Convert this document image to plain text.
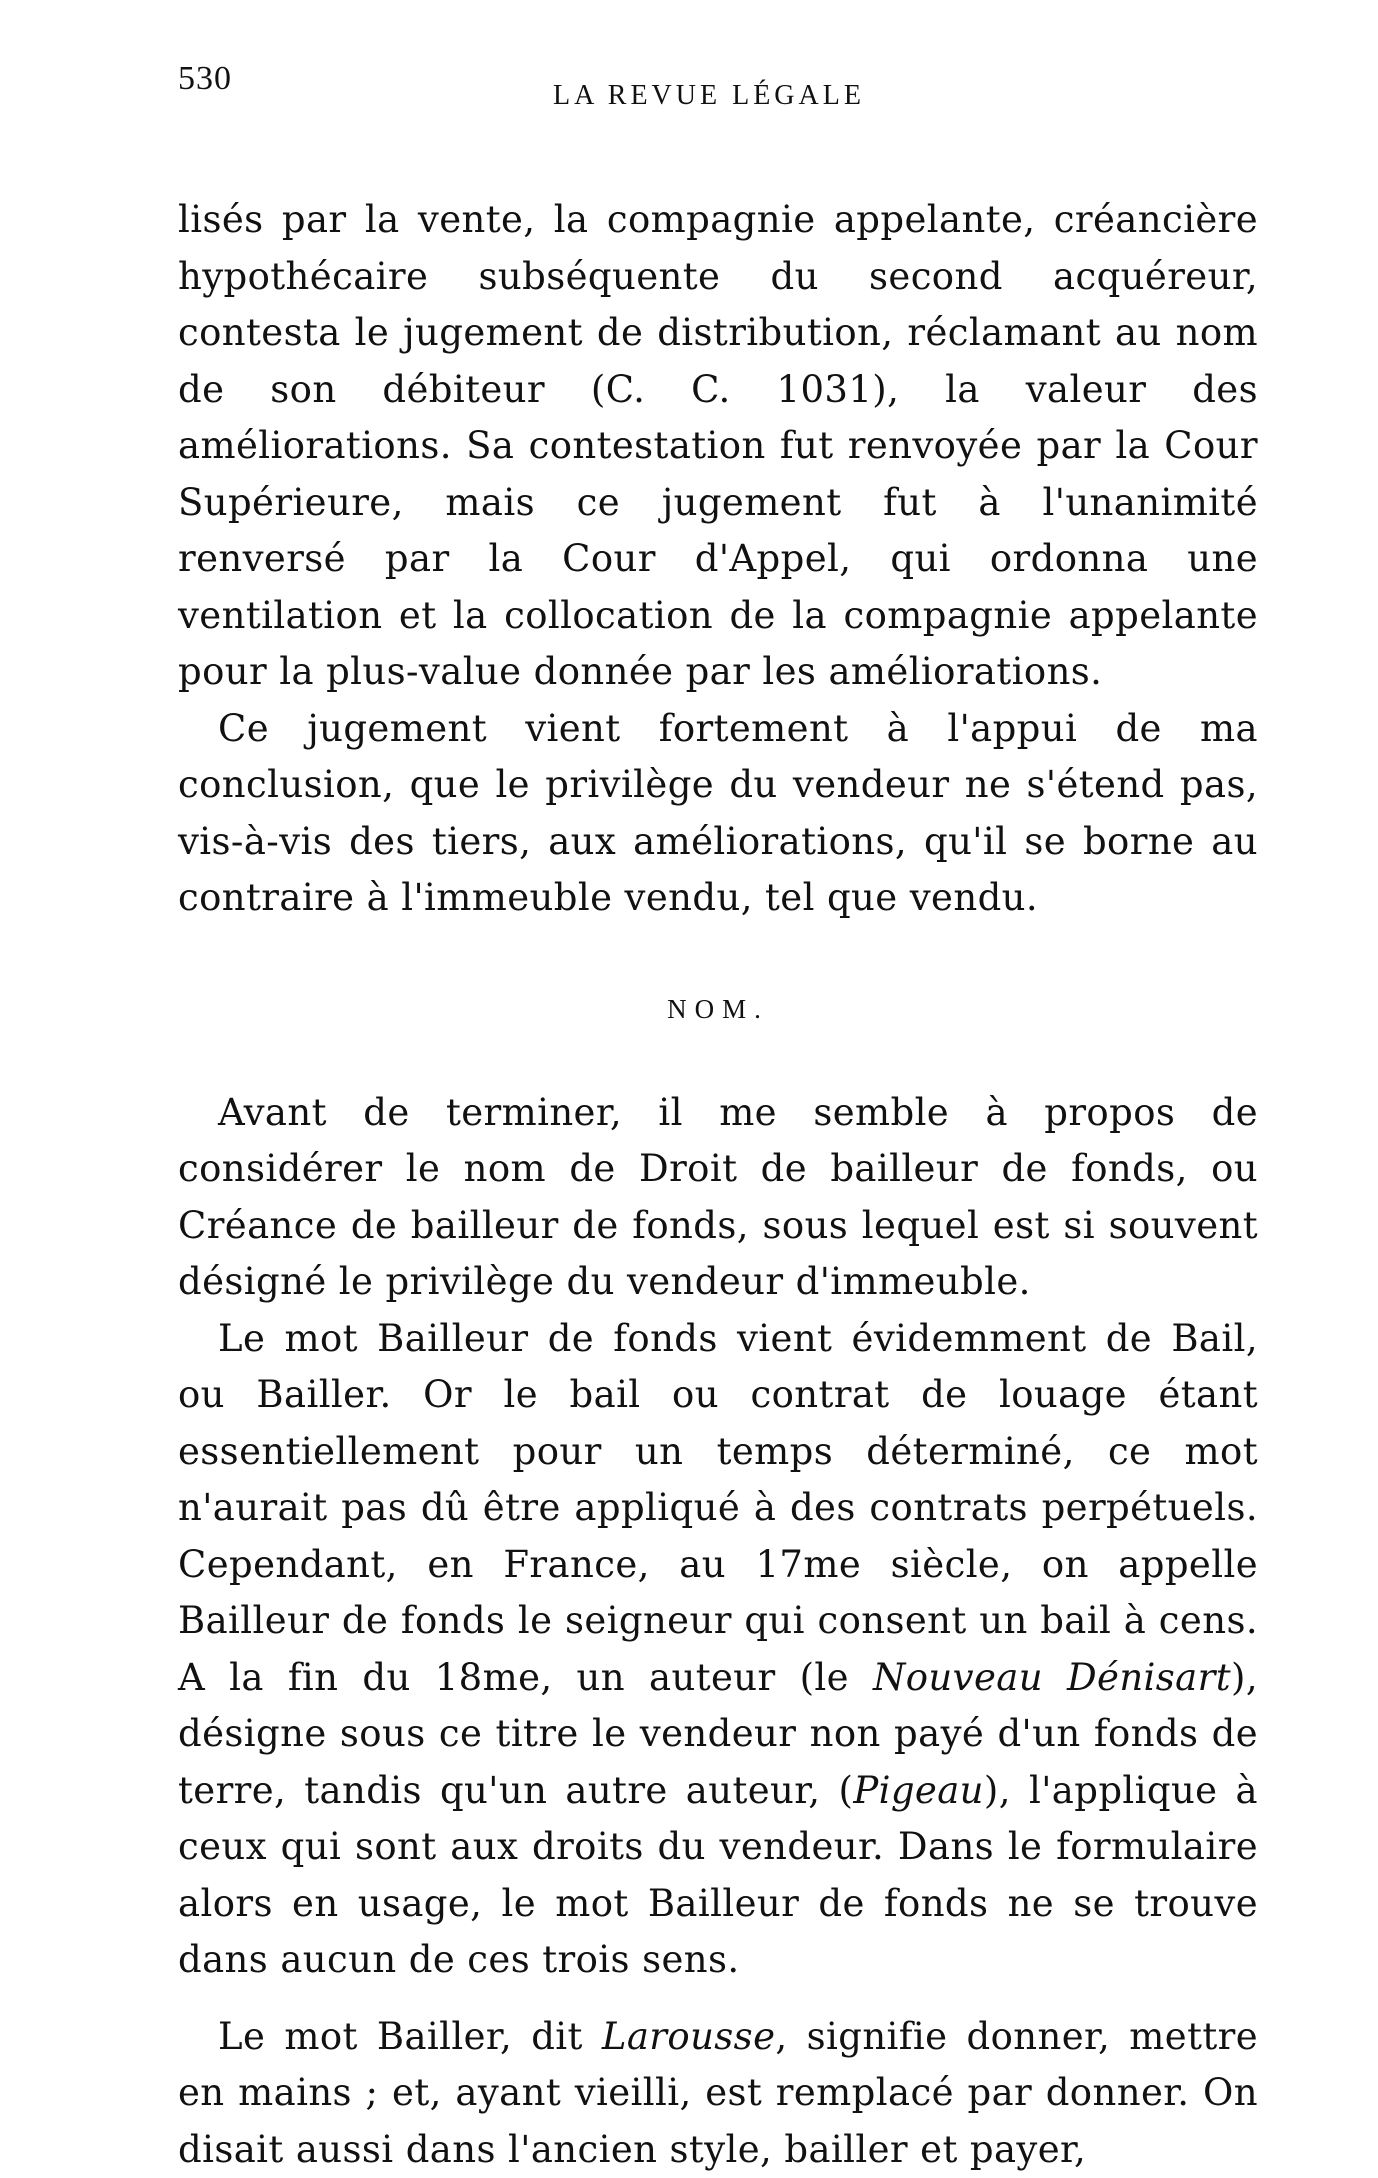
530	LA REVUE LÉGALE

lisés par la vente, la compagnie appelante, créancière hypothécaire subséquente du second acquéreur, contesta le jugement de distribution, réclamant au nom de son débiteur (C. C. 1031), la valeur des améliorations. Sa contestation fut renvoyée par la Cour Supérieure, mais ce jugement fut à l'unanimité renversé par la Cour d'Appel, qui ordonna une ventilation et la collocation de la compagnie appelante pour la plus-value donnée par les améliorations.

Ce jugement vient fortement à l'appui de ma conclusion, que le privilège du vendeur ne s'étend pas, vis-à-vis des tiers, aux améliorations, qu'il se borne au contraire à l'immeuble vendu, tel que vendu.

NOM.

Avant de terminer, il me semble à propos de considérer le nom de Droit de bailleur de fonds, ou Créance de bailleur de fonds, sous lequel est si souvent désigné le privilège du vendeur d'immeuble.

Le mot Bailleur de fonds vient évidemment de Bail, ou Bailler. Or le bail ou contrat de louage étant essentiellement pour un temps déterminé, ce mot n'aurait pas dû être appliqué à des contrats perpétuels. Cependant, en France, au 17me siècle, on appelle Bailleur de fonds le seigneur qui consent un bail à cens. A la fin du 18me, un auteur (le Nouveau Dénisart), désigne sous ce titre le vendeur non payé d'un fonds de terre, tandis qu'un autre auteur, (Pigeau), l'applique à ceux qui sont aux droits du vendeur. Dans le formulaire alors en usage, le mot Bailleur de fonds ne se trouve dans aucun de ces trois sens.

Le mot Bailler, dit Larousse, signifie donner, mettre en mains ; et, ayant vieilli, est remplacé par donner. On disait aussi dans l'ancien style, bailler et payer,
